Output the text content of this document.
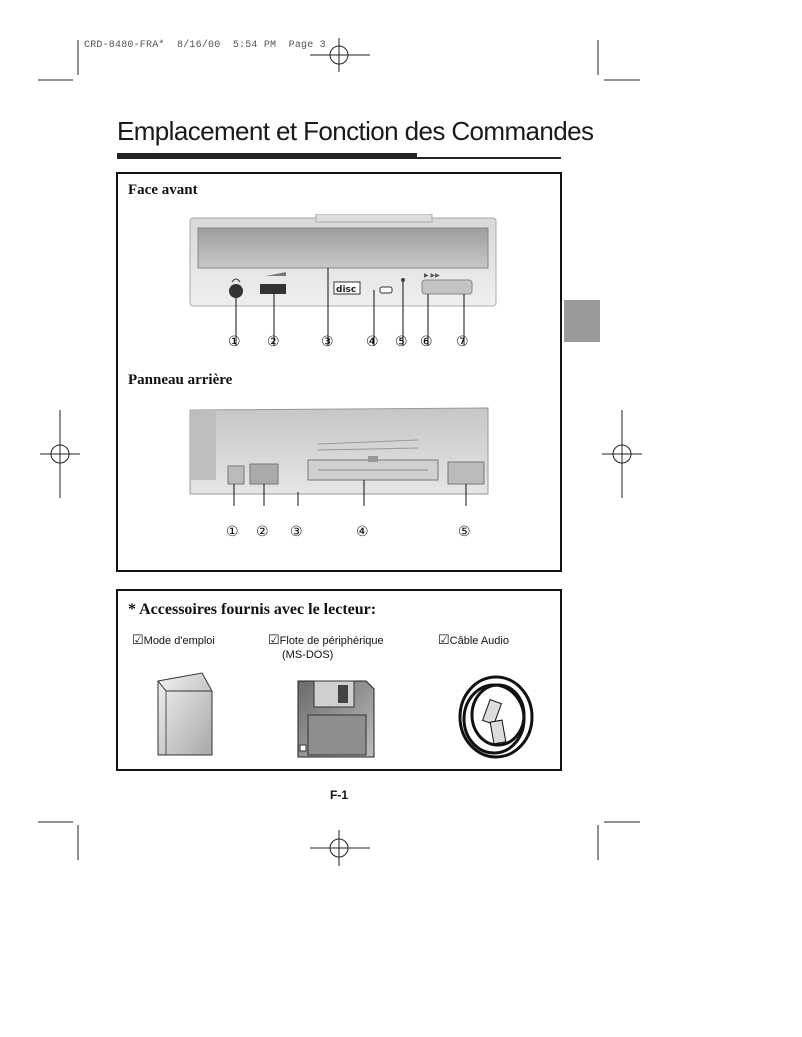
CRD-8480-FRA*  8/16/00  5:54 PM  Page 3
Emplacement et Fonction des Commandes
Face avant
disc
▶ ▶▶
① ②	③ ④ ⑤ ⑥ ⑦
Panneau arrière
① ② ③	④	⑤
* Accessoires fournis avec le lecteur:
☑Mode d'emploi	☑Flote de périphérique
(MS-DOS)
☑Câble Audio
F-1
